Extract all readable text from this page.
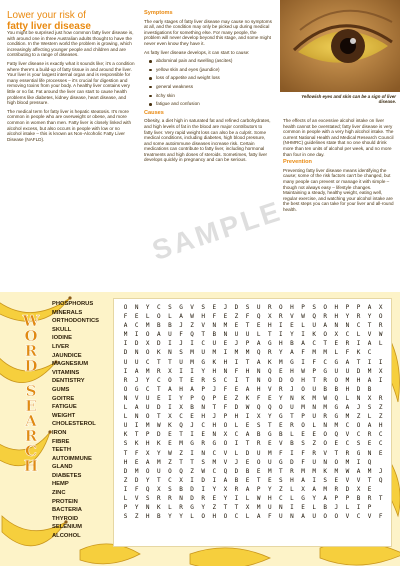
Lower your risk of
fatty liver disease

You might be surprised just how common fatty liver disease is, with around one in three Australian adults thought to have the condition. In the Western world the problem is growing, which increasingly affecting younger people and children and are contributing to a range of diseases.

Fatty liver disease is exactly what it sounds like; it's a condition where there's a build-up of fatty tissue in and around the liver. Your liver is your largest internal organ and is responsible for many essential life processes – it's crucial for digestion and removing toxins from your body. A healthy liver contains very little or no fat. Fat around the liver can start to cause health problems like diabetes, kidney disease, heart disease, and high blood pressure.

The medical term for fatty liver is hepatic steatosis. It's more common in people who are overweight or obese, and more common in women than men. Fatty liver is closely linked with alcohol excess, but also occurs in people with low or no alcohol intake – this is known as Non-Alcoholic Fatty Liver Disease (NAFLD).

Symptoms

The early stages of fatty liver disease may cause no symptoms at all, and the condition may only be picked up during medical investigations for something else. For many people, the problem will never develop beyond this stage, and some might never even know they have it.

As fatty liver disease develops, it can start to cause:

abdominal pain and swelling (ascites)
yellow skin and eyes (jaundice)
loss of appetite and weight loss
general weakness
itchy skin
fatigue and confusion
Causes

Obesity, a diet high in saturated fat and refined carbohydrates, and high levels of fat in the blood are major contributors to fatty liver. Very rapid weight loss can also be a culprit. Some medical conditions, including diabetes, high blood pressure, and some autoimmune diseases increase risk. Certain medications can contribute to fatty liver, including hormonal treatments and high doses of steroids. Sometimes, fatty liver develops quickly in pregnancy and can be serious.

Yellowish eyes and skin can be a sign of liver disease.

The effects of an excessive alcohol intake on liver health cannot be overstated; fatty liver disease is very common in people with a very high alcohol intake. The current National Health and Medical Research Council (NHMRC) guidelines state that no one should drink more than ten units of alcohol per week, and no more than four in one day.

Prevention

Preventing fatty liver disease means identifying the cause; some of the risk factors can't be changed, but many people can prevent or manage it with simple – though not always easy – lifestyle changes. Maintaining a steady, healthy weight, eating well, regular exercise, and watching your alcohol intake are the best steps you can take for your liver and all-round health.

SAMPLE
W
O
R
D
S
E
A
R
C
H
PHOSPHORUS
MINERALS
ORTHODONTICS
SKULL
IODINE
LIVER
JAUNDICE
MAGNESIUM
VITAMINS
DENTISTRY
GUMS
GOITRE
FATIGUE
WEIGHT
CHOLESTEROL
IRON
FIBRE
TEETH
AUTOIMMUNE
GLAND
DIABETES
HEMP
ZINC
PROTEIN
BACTERIA
THYROID
SELENIUM
ALCOHOL
O	N	Y	C	S	G	V	S	E	J	D	S	U	R	O	H	P	S	O	H	P	P	A	X
F	E	L	O	L	A	W	H	F	E	Z	F	Q	X	R	V	W	Q	R	H	Y	R	Y	O
A	C	M	B	B	J	Z	V	N	M	E	T	E	H	I	E	L	U	A	N	N	C	T	R
M	I	O	A	U	F	Q	T	B	N	U	U	L	T	I	Y	I	K	O	X	C	L	V	W
I	D	X	D	I	J	I	C	U	E	J	P	A	G	H	B	A	C	T	E	R	I	A	L
D	N	O	K	N	S	M	U	M	I	M	M	Q	R	Y	A	F	M	M	L	F	K	C
U	U	C	T	T	U	M	G	K	H	I	T	A	K	M	G	I	F	C	G	A	T	I	I
I	A	M	R	X	I	I	Y	H	N	F	H	N	Q	E	H	W	P	G	U	U	D	M	X
R	J	Y	C	O	T	E	R	S	C	I	T	N	O	D	O	H	T	R	O	M	H	A	I
O	G	C	T	A	H	A	P	J	F	E	A	H	V	R	J	O	U	B	B	H	D	B
N	V	U	E	I	Y	P	Q	P	E	Z	K	F	E	Y	N	K	M	W	Q	L	N	X	R
L	A	U	D	I	X	B	N	T	F	D	W	Q	Q	O	U	M	N	M	G	A	J	S	Z
L	N	O	T	X	C	E	H	J	P	H	I	X	Y	G	T	P	U	R	G	M	Z	L	Z
U	I	M	W	K	Q	J	C	H	O	L	E	S	T	E	R	O	L	N	M	C	O	A	H
K	T	P	D	E	T	I	E	N	X	C	A	B	G	B	L	E	E	O	Q	V	C	R	C
S	K	H	K	E	M	G	R	G	O	I	T	R	E	V	B	S	Z	O	E	C	S	E	C
T	F	X	Y	W	Z	I	N	C	V	L	D	U	M	F	I	F	R	V	T	R	G	N	E
H	E	A	M	Z	T	T	S	M	V	J	E	O	U	G	D	F	U	N	O	M	I	Q
D	M	O	U	O	Q	Z	W	C	Q	D	B	E	M	T	R	M	M	K	M	W	A	M	J
Z	D	Y	T	C	X	I	D	I	A	B	E	T	E	S	H	A	I	S	E	V	V	T	Q
I	F	Q	X	S	B	D	I	Y	X	R	A	P	Y	Z	L	X	A	M	R	D	X	E
L	V	S	R	R	N	D	R	E	Y	I	L	W	H	C	L	G	Y	A	P	P	B	R	T
P	Y	N	K	L	R	G	Y	Z	T	T	X	M	U	N	I	E	L	B	J	L	I	P
S	Z	H	B	Y	Y	L	O	H	O	C	L	A	F	U	N	A	U	O	O	V	C	V	F
